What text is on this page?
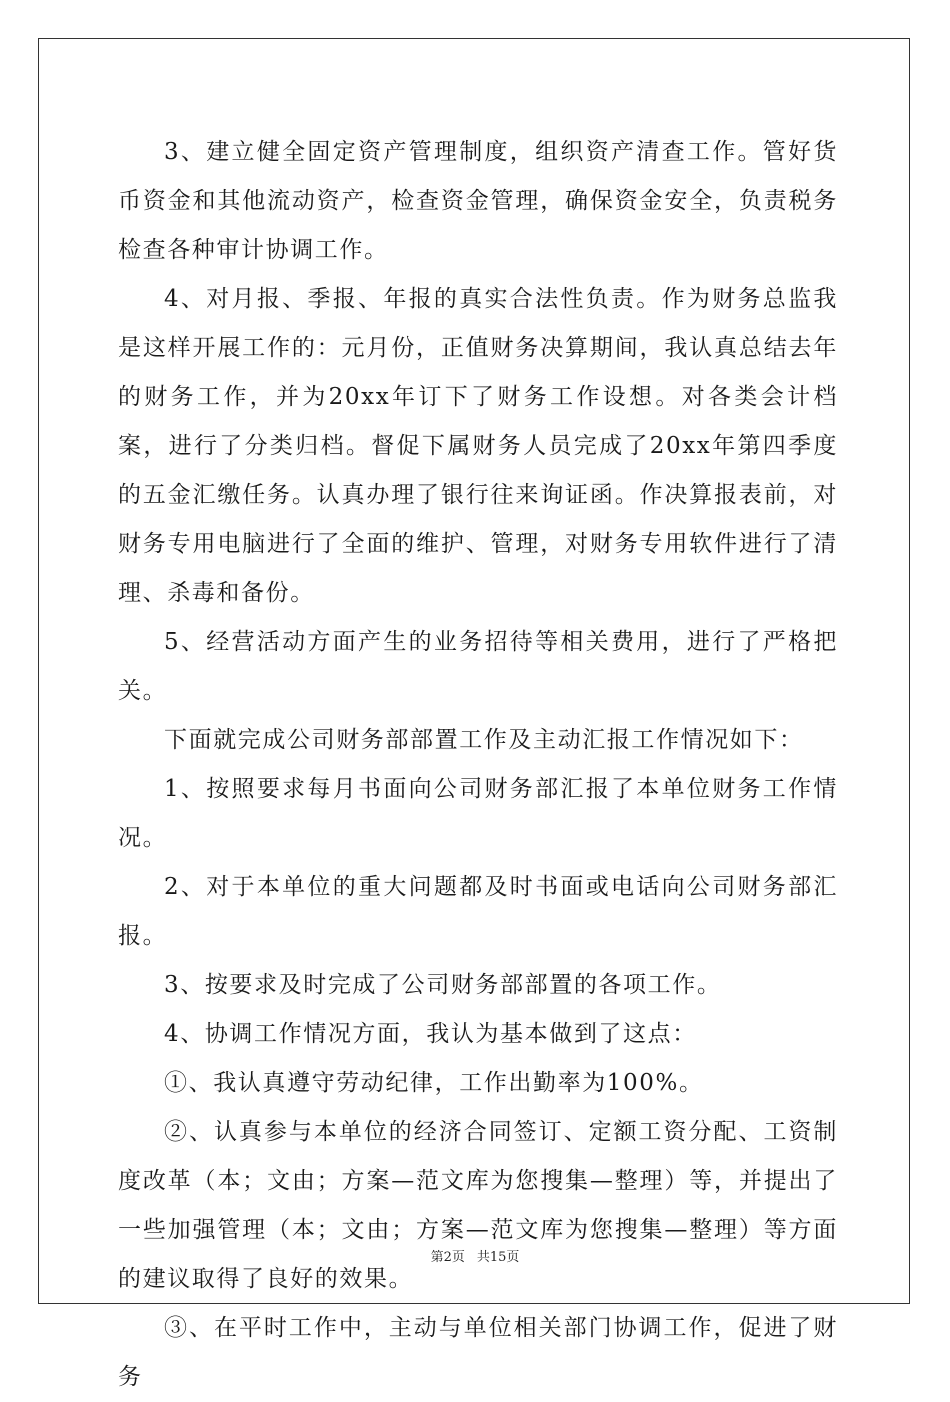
3、建立健全固定资产管理制度，组织资产清查工作。管好货币资金和其他流动资产，检查资金管理，确保资金安全，负责税务检查各种审计协调工作。

4、对月报、季报、年报的真实合法性负责。作为财务总监我是这样开展工作的：元月份，正值财务决算期间，我认真总结去年的财务工作，并为20xx年订下了财务工作设想。对各类会计档案，进行了分类归档。督促下属财务人员完成了20xx年第四季度的五金汇缴任务。认真办理了银行往来询证函。作决算报表前，对财务专用电脑进行了全面的维护、管理，对财务专用软件进行了清理、杀毒和备份。

5、经营活动方面产生的业务招待等相关费用，进行了严格把关。

下面就完成公司财务部部置工作及主动汇报工作情况如下：

1、按照要求每月书面向公司财务部汇报了本单位财务工作情况。

2、对于本单位的重大问题都及时书面或电话向公司财务部汇报。

3、按要求及时完成了公司财务部部置的各项工作。

4、协调工作情况方面，我认为基本做到了这点：

①、我认真遵守劳动纪律，工作出勤率为100%。

②、认真参与本单位的经济合同签订、定额工资分配、工资制度改革（本；文由；方案—范文库为您搜集—整理）等，并提出了一些加强管理（本；文由；方案—范文库为您搜集—整理）等方面的建议取得了良好的效果。

③、在平时工作中，主动与单位相关部门协调工作，促进了财务

第2页 共15页
